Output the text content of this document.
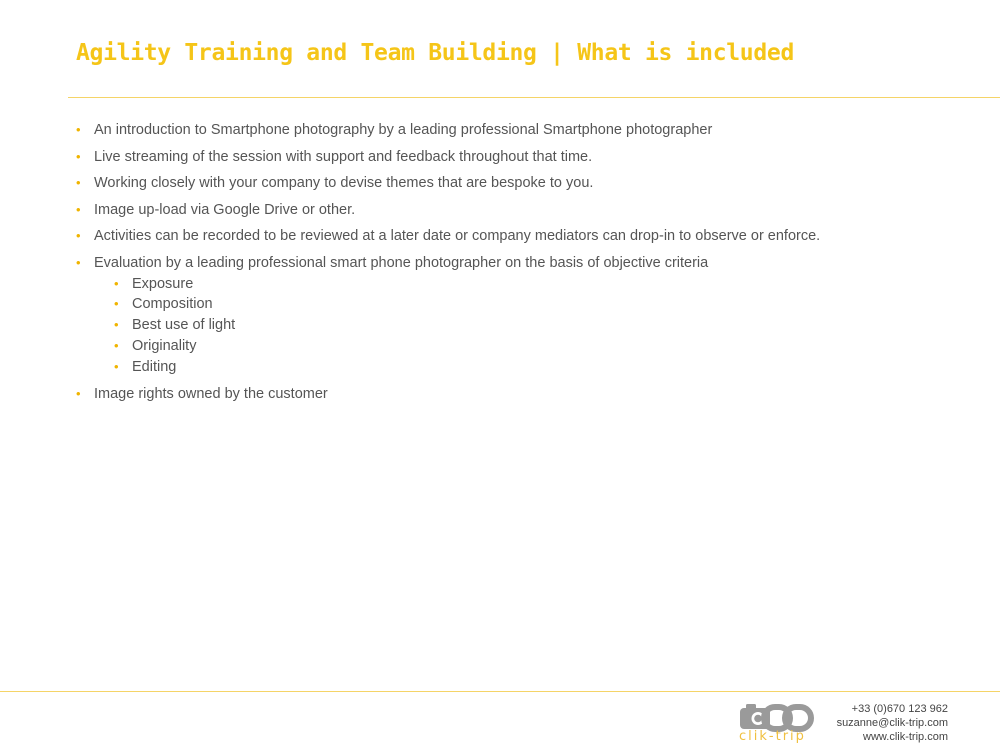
Agility Training and Team Building | What is included
• An introduction to Smartphone photography by a leading professional Smartphone photographer
• Live streaming of the session with support and feedback throughout that time.
• Working closely with your company to devise themes that are bespoke to you.
• Image up-load via Google Drive or other.
• Activities can be recorded to be reviewed at a later date or company mediators can drop-in to observe or enforce.
• Evaluation by a leading professional smart phone photographer on the basis of objective criteria
• Exposure
• Composition
• Best use of light
• Originality
• Editing
• Image rights owned by the customer
clik-trip
+33 (0)670 123 962
suzanne@clik-trip.com
www.clik-trip.com
